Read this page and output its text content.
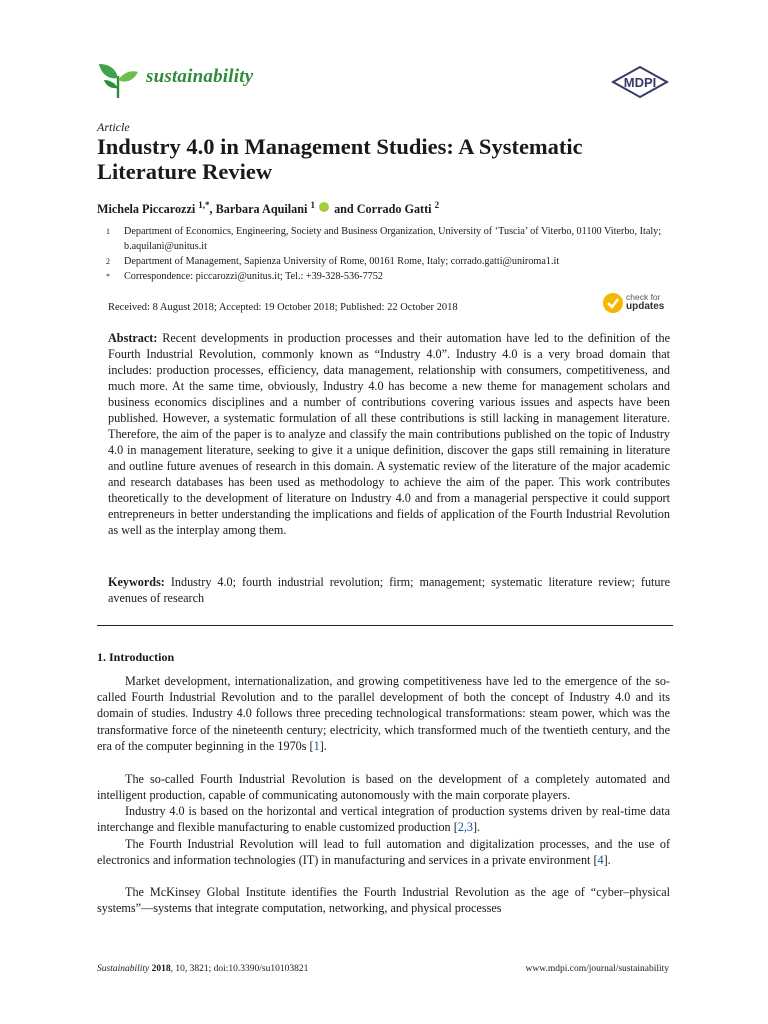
sustainability	MDPI
Article
Industry 4.0 in Management Studies: A Systematic
Literature Review
Michela Piccarozzi $^{1,*}$, Barbara Aquilani $^1$ and Corrado Gatti $^2$
1 Department of Economics, Engineering, Society and Business Organization, University of ‘Tuscia’ of Viterbo, 01100 Viterbo, Italy; b.aquilani@unitus.it
2 Department of Management, Sapienza University of Rome, 00161 Rome, Italy; corrado.gatti@uniroma1.it
* Correspondence: piccarozzi@unitus.it; Tel.: +39-328-536-7752
Received: 8 August 2018; Accepted: 19 October 2018; Published: 22 October 2018
check for
updates
Abstract: Recent developments in production processes and their automation have led to the definition of the Fourth Industrial Revolution, commonly known as “Industry 4.0”. Industry 4.0 is a very broad domain that includes: production processes, efficiency, data management, relationship with consumers, competitiveness, and much more. At the same time, obviously, Industry 4.0 has become a new theme for management scholars and business economics disciplines and a number of contributions covering various issues and aspects have been published. However, a systematic formulation of all these contributions is still lacking in management literature. Therefore, the aim of the paper is to analyze and classify the main contributions published on the topic of Industry 4.0 in management literature, seeking to give it a unique definition, discover the gaps still remaining in literature and outline future avenues of research in this domain. A systematic review of the literature of the major academic and research databases has been used as methodology to achieve the aim of the paper. This work contributes theoretically to the development of literature on Industry 4.0 and from a managerial perspective it could support entrepreneurs in better understanding the implications and fields of application of the Fourth Industrial Revolution as well as the interplay among them.
Keywords: Industry 4.0; fourth industrial revolution; firm; management; systematic literature review; future avenues of research
1. Introduction
Market development, internationalization, and growing competitiveness have led to the emergence of the so-called Fourth Industrial Revolution and to the parallel development of both the concept of Industry 4.0 and its domain of studies. Industry 4.0 follows three preceding technological transformations: steam power, which was the transformative force of the nineteenth century; electricity, which transformed much of the twentieth century, and the era of the computer beginning in the 1970s [1].
The so-called Fourth Industrial Revolution is based on the development of a completely automated and intelligent production, capable of communicating autonomously with the main corporate players.
Industry 4.0 is based on the horizontal and vertical integration of production systems driven by real-time data interchange and flexible manufacturing to enable customized production [2,3].
The Fourth Industrial Revolution will lead to full automation and digitalization processes, and the use of electronics and information technologies (IT) in manufacturing and services in a private environment [4].
The McKinsey Global Institute identifies the Fourth Industrial Revolution as the age of “cyber–physical systems”—systems that integrate computation, networking, and physical processes
Sustainability 2018, 10, 3821; doi:10.3390/su10103821	www.mdpi.com/journal/sustainability
